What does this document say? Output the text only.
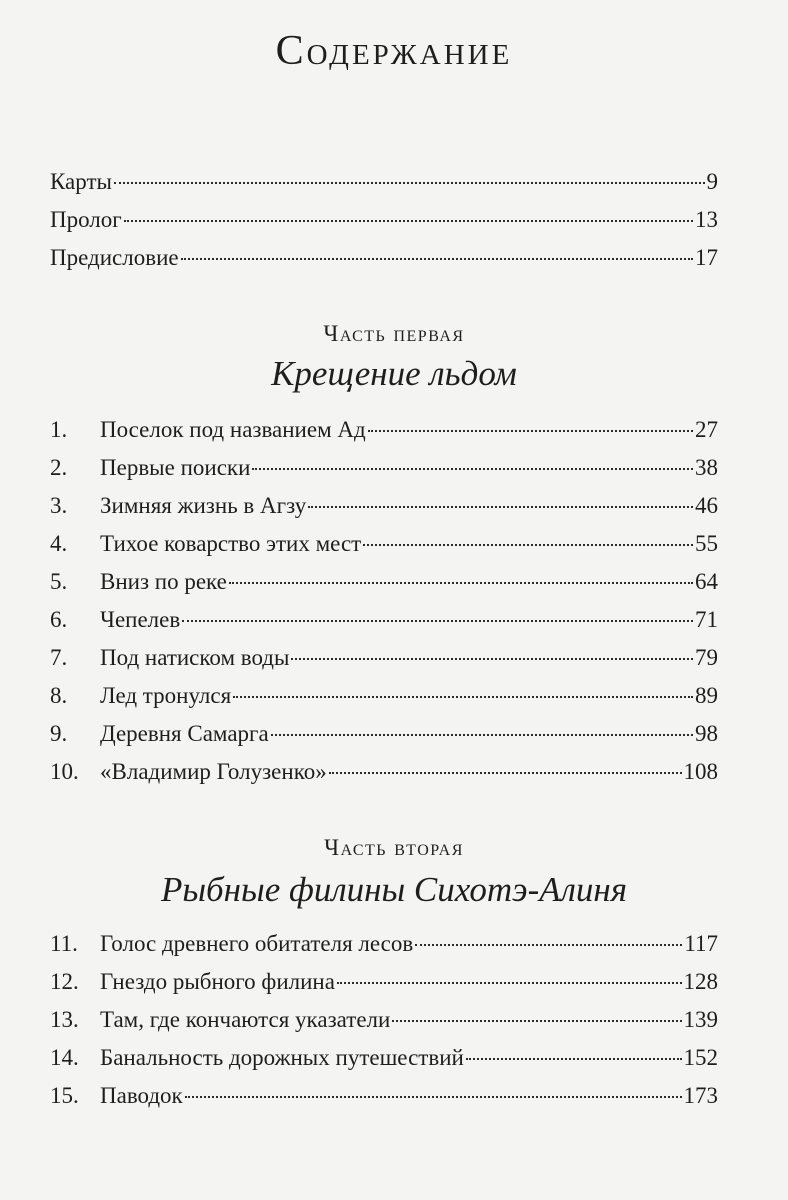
Содержание
Карты	9
Пролог	13
Предисловие	17
Часть первая
Крещение льдом
1. Поселок под названием Ад	27
2. Первые поиски	38
3. Зимняя жизнь в Агзу	46
4. Тихое коварство этих мест	55
5. Вниз по реке	64
6. Чепелев	71
7. Под натиском воды	79
8. Лед тронулся	89
9. Деревня Самарга	98
10. «Владимир Голузенко»	108
Часть вторая
Рыбные филины Сихотэ-Алиня
11. Голос древнего обитателя лесов	117
12. Гнездо рыбного филина	128
13. Там, где кончаются указатели	139
14. Банальность дорожных путешествий	152
15. Паводок	173
